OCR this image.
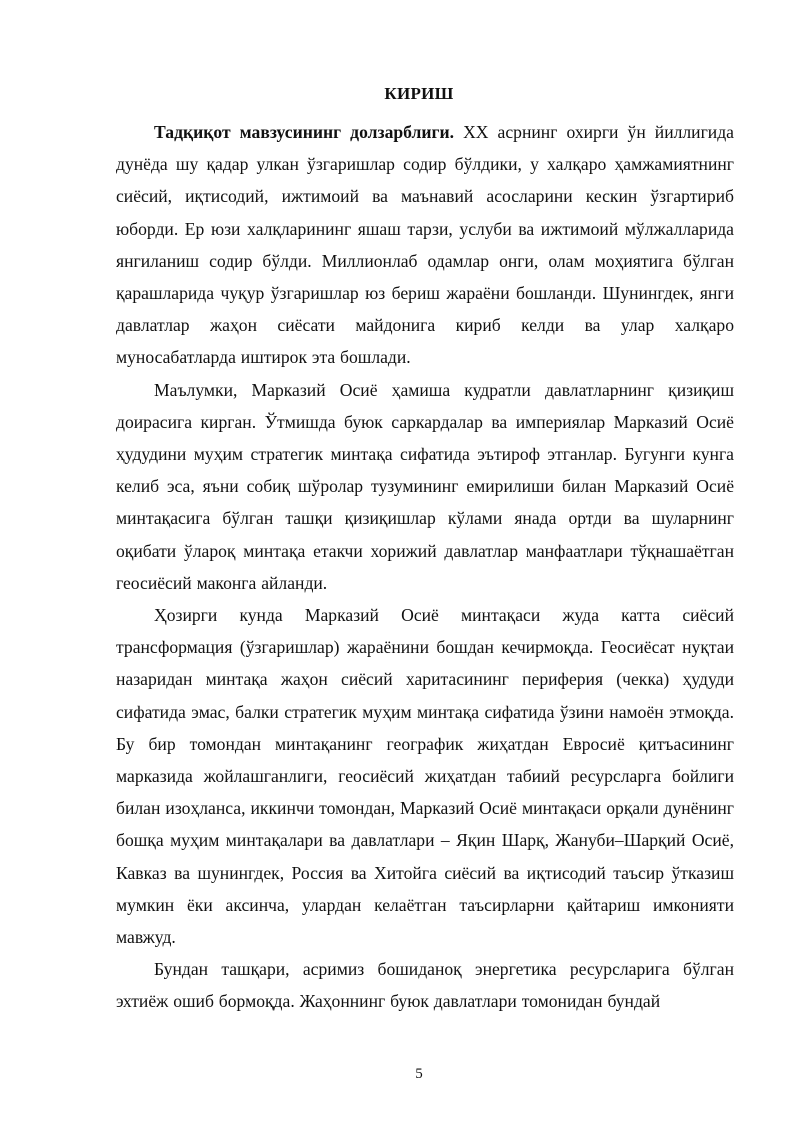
КИРИШ

Тадқиқот мавзусининг долзарблиги. XX асрнинг охирги ўн йиллигида дунёда шу қадар улкан ўзгаришлар содир бўлдики, у халқаро ҳамжамиятнинг сиёсий, иқтисодий, ижтимоий ва маънавий асосларини кескин ўзгартириб юборди. Ер юзи халқларининг яшаш тарзи, услуби ва ижтимоий мўлжалларида янгиланиш содир бўлди. Миллионлаб одамлар онги, олам моҳиятига бўлган қарашларида чуқур ўзгаришлар юз бериш жараёни бошланди. Шунингдек, янги давлатлар жаҳон сиёсати майдонига кириб келди ва улар халқаро муносабатларда иштирок эта бошлади.

Маълумки, Марказий Осиё ҳамиша кудратли давлатларнинг қизиқиш доирасига кирган. Ўтмишда буюк саркардалар ва империялар Марказий Осиё ҳудудини муҳим стратегик минтақа сифатида эътироф этганлар. Бугунги кунга келиб эса, яъни собиқ шўролар тузумининг емирилиши билан Марказий Осиё минтақасига бўлган ташқи қизиқишлар кўлами янада ортди ва шуларнинг оқибати ўлароқ минтақа етакчи хорижий давлатлар манфаатлари тўқнашаётган геосиёсий маконга айланди.

Ҳозирги кунда Марказий Осиё минтақаси жуда катта сиёсий трансформация (ўзгаришлар) жараёнини бошдан кечирмоқда. Геосиёсат нуқтаи назаридан минтақа жаҳон сиёсий харитасининг периферия (чекка) ҳудуди сифатида эмас, балки стратегик муҳим минтақа сифатида ўзини намоён этмоқда. Бу бир томондан минтақанинг географик жиҳатдан Евросиё қитъасининг марказида жойлашганлиги, геосиёсий жиҳатдан табиий ресурсларга бойлиги билан изоҳланса, иккинчи томондан, Марказий Осиё минтақаси орқали дунёнинг бошқа муҳим минтақалари ва давлатлари – Яқин Шарқ, Жануби–Шарқий Осиё, Кавказ ва шунингдек, Россия ва Хитойга сиёсий ва иқтисодий таъсир ўтказиш мумкин ёки аксинча, улардан келаётган таъсирларни қайтариш имконияти мавжуд.

Бундан ташқари, асримиз бошиданоқ энергетика ресурсларига бўлган эхтиёж ошиб бормоқда. Жаҳоннинг буюк давлатлари томонидан бундай

5
